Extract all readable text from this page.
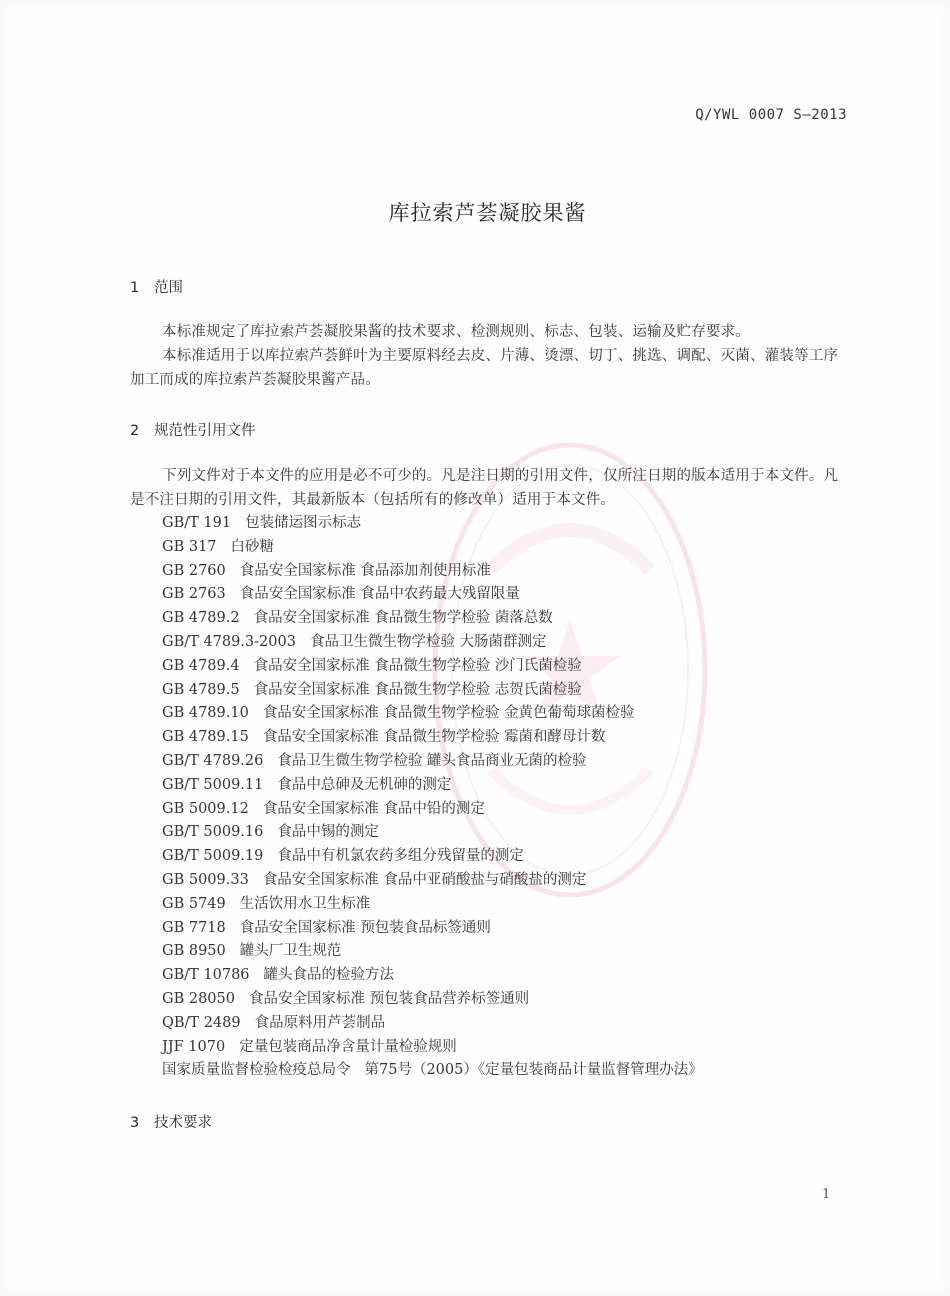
Q/YWL 0007 S—2013
库拉索芦荟凝胶果酱
1 范围
本标准规定了库拉索芦荟凝胶果酱的技术要求、检测规则、标志、包装、运输及贮存要求。
本标准适用于以库拉索芦荟鲜叶为主要原料经去皮、片薄、烫漂、切丁、挑选、调配、灭菌、灌装等工序加工而成的库拉索芦荟凝胶果酱产品。
2 规范性引用文件
下列文件对于本文件的应用是必不可少的。凡是注日期的引用文件，仅所注日期的版本适用于本文件。凡是不注日期的引用文件，其最新版本（包括所有的修改单）适用于本文件。
GB/T 191 包装储运图示标志
GB 317 白砂糖
GB 2760 食品安全国家标准 食品添加剂使用标准
GB 2763 食品安全国家标准 食品中农药最大残留限量
GB 4789.2 食品安全国家标准 食品微生物学检验 菌落总数
GB/T 4789.3-2003 食品卫生微生物学检验 大肠菌群测定
GB 4789.4 食品安全国家标准 食品微生物学检验 沙门氏菌检验
GB 4789.5 食品安全国家标准 食品微生物学检验 志贺氏菌检验
GB 4789.10 食品安全国家标准 食品微生物学检验 金黄色葡萄球菌检验
GB 4789.15 食品安全国家标准 食品微生物学检验 霉菌和酵母计数
GB/T 4789.26 食品卫生微生物学检验 罐头食品商业无菌的检验
GB/T 5009.11 食品中总砷及无机砷的测定
GB 5009.12 食品安全国家标准 食品中铅的测定
GB/T 5009.16 食品中锡的测定
GB/T 5009.19 食品中有机氯农药多组分残留量的测定
GB 5009.33 食品安全国家标准 食品中亚硝酸盐与硝酸盐的测定
GB 5749 生活饮用水卫生标准
GB 7718 食品安全国家标准 预包装食品标签通则
GB 8950 罐头厂卫生规范
GB/T 10786 罐头食品的检验方法
GB 28050 食品安全国家标准 预包装食品营养标签通则
QB/T 2489 食品原料用芦荟制品
JJF 1070 定量包装商品净含量计量检验规则
国家质量监督检验检疫总局令 第75号（2005）《定量包装商品计量监督管理办法》
3 技术要求
1
